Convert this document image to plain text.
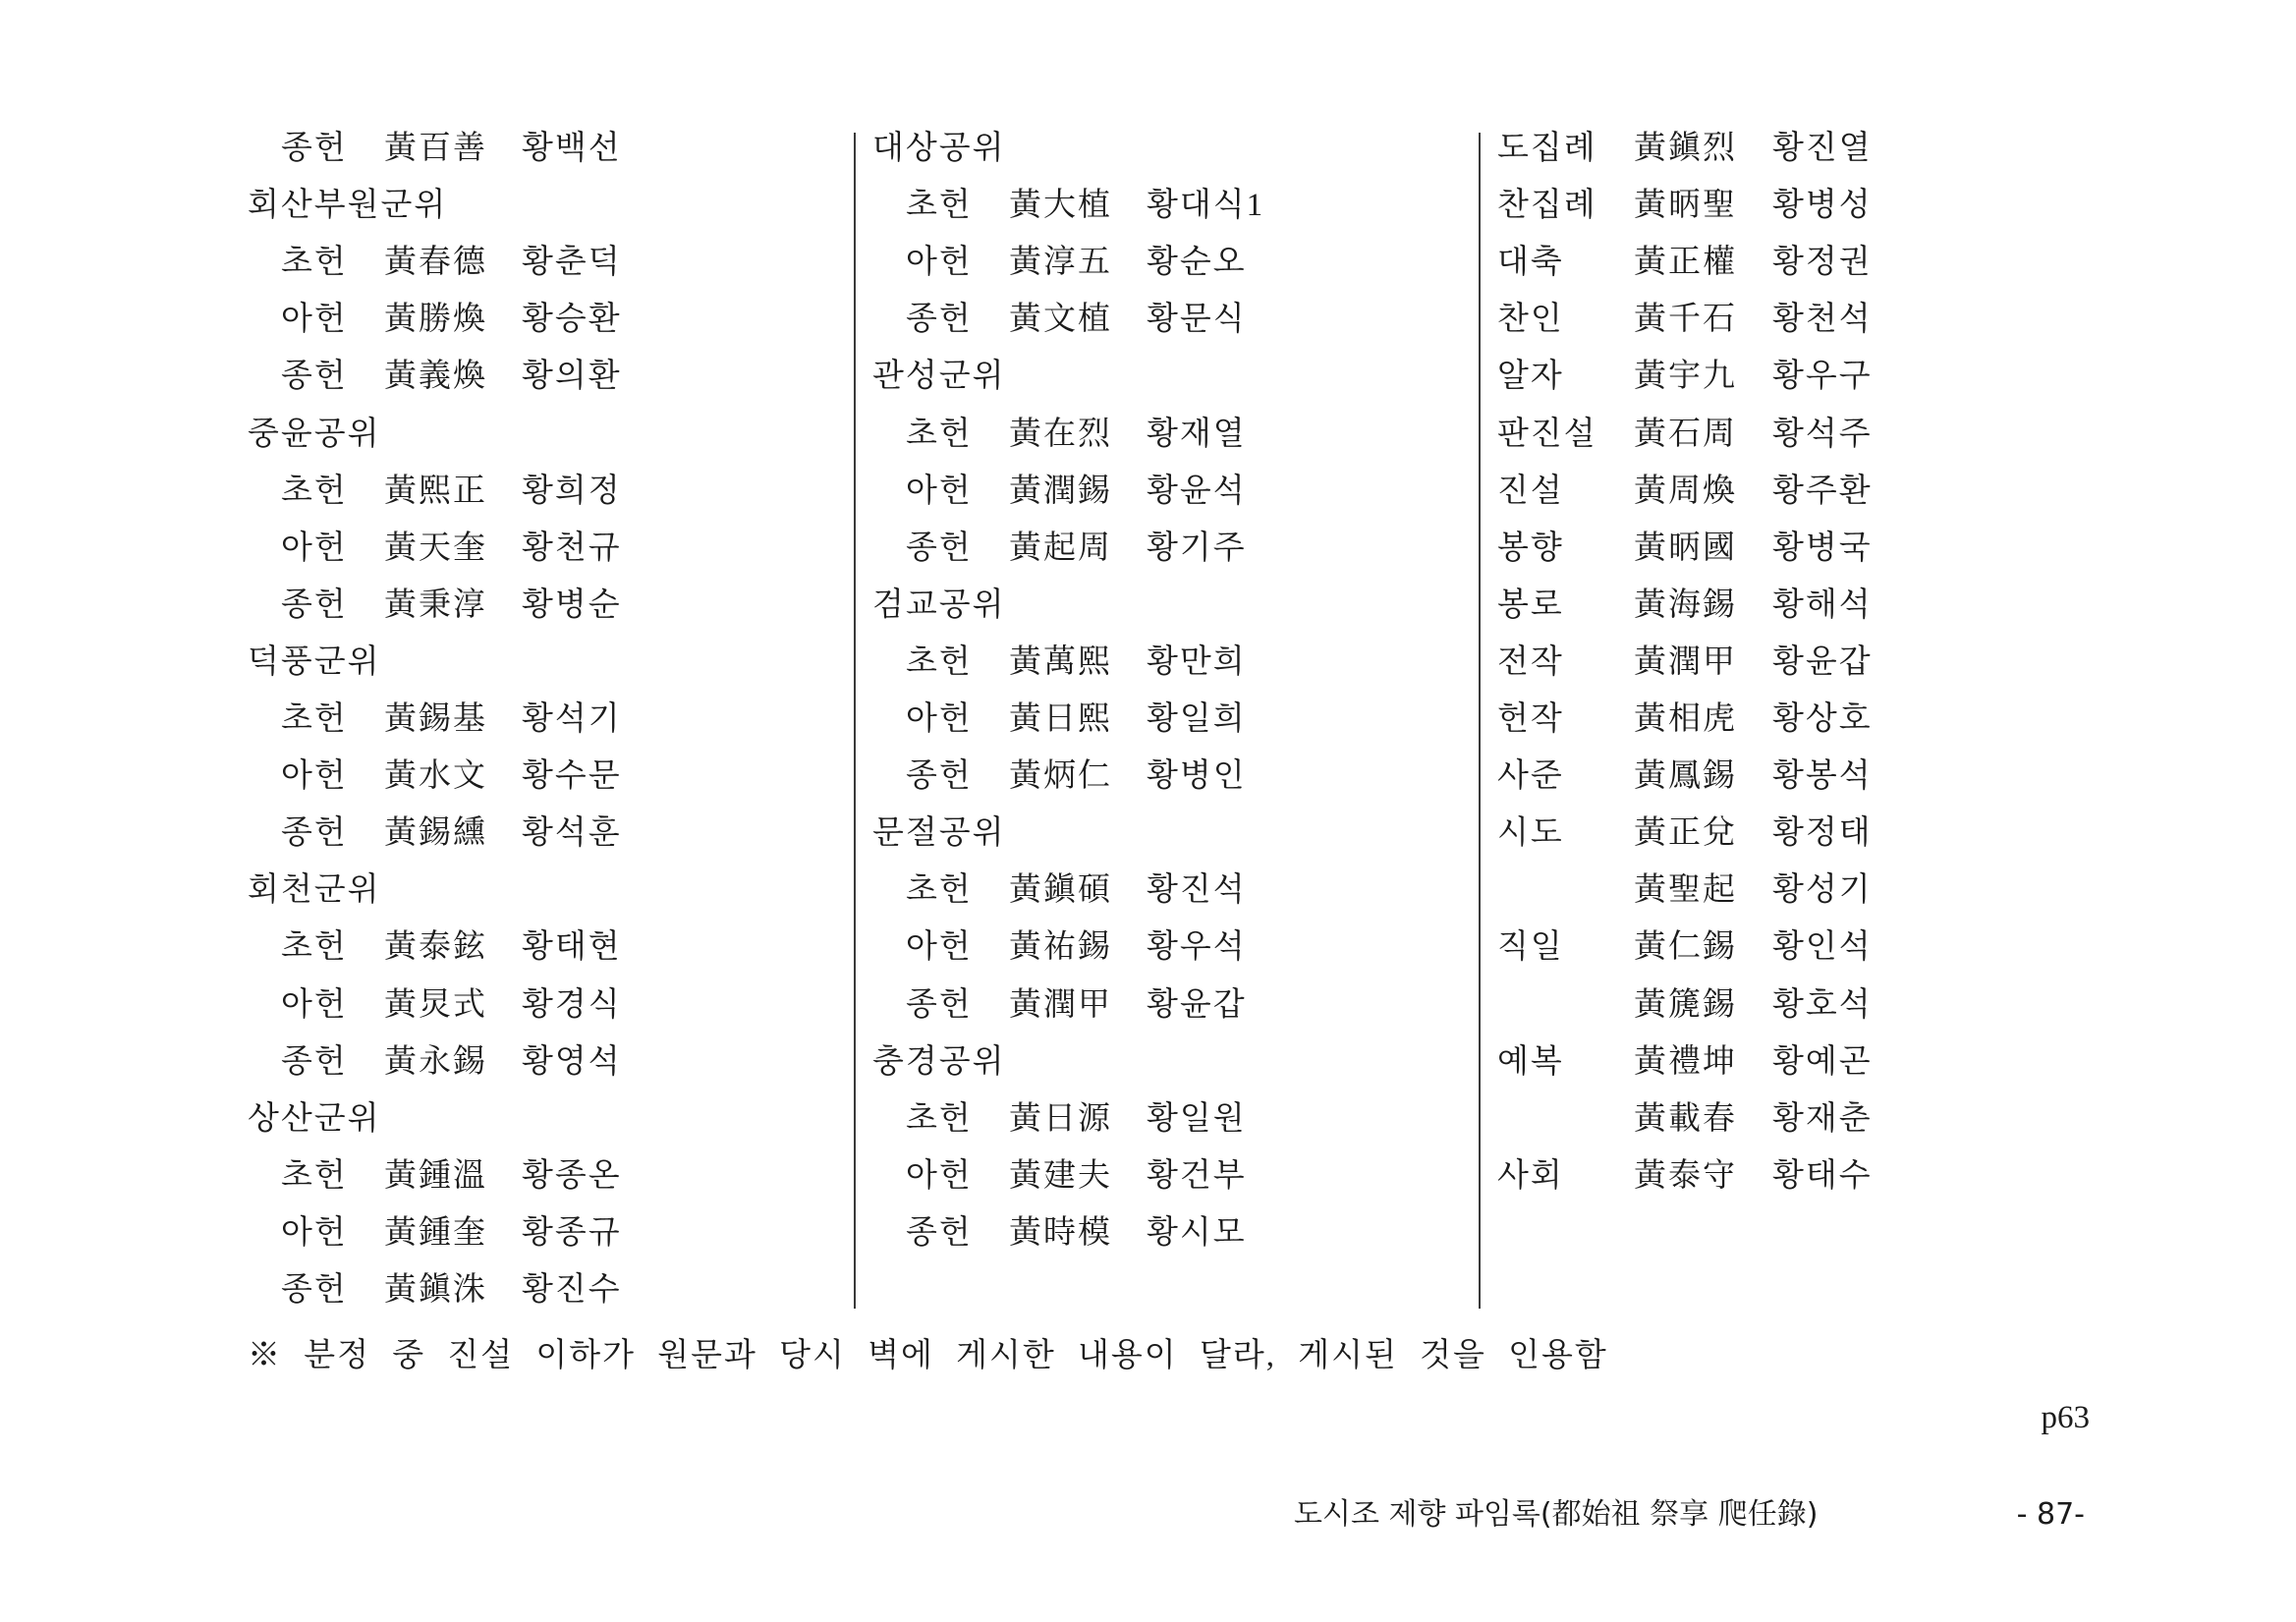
종헌 黃百善 황백선
회산부원군위
초헌 黃春德 황춘덕
아헌 黃勝煥 황승환
종헌 黃義煥 황의환
중윤공위
초헌 黃熙正 황희정
아헌 黃天奎 황천규
종헌 黃秉淳 황병순
덕풍군위
초헌 黃錫基 황석기
아헌 黃水文 황수문
종헌 黃錫纁 황석훈
회천군위
초헌 黃泰鉉 황태현
아헌 黃炅式 황경식
종헌 黃永錫 황영석
상산군위
초헌 黃鍾溫 황종온
아헌 黃鍾奎 황종규
종헌 黃鎭洙 황진수
대상공위
초헌 黃大植 황대식1
아헌 黃淳五 황순오
종헌 黃文植 황문식
관성군위
초헌 黃在烈 황재열
아헌 黃潤錫 황윤석
종헌 黃起周 황기주
검교공위
초헌 黃萬熙 황만희
아헌 黃日熙 황일희
종헌 黃炳仁 황병인
문절공위
초헌 黃鎭碩 황진석
아헌 黃祐錫 황우석
종헌 黃潤甲 황윤갑
충경공위
초헌 黃日源 황일원
아헌 黃建夫 황건부
종헌 黃時模 황시모
도집례 黃鎭烈 황진열
찬집례 黃昞聖 황병성
대축 黃正權 황정권
찬인 黃千石 황천석
알자 黃宇九 황우구
판진설 黃石周 황석주
진설 黃周煥 황주환
봉향 黃昞國 황병국
봉로 黃海錫 황해석
전작 黃潤甲 황윤갑
헌작 黃相虎 황상호
사준 黃鳳錫 황봉석
시도 黃正兌 황정태
黃聖起 황성기
직일 黃仁錫 황인석
黃篪錫 황호석
예복 黃禮坤 황예곤
黃載春 황재춘
사회 黃泰守 황태수
※ 분정 중 진설 이하가 원문과 당시 벽에 게시한 내용이 달라, 게시된 것을 인용함
p63
도시조 제향 파임록(都始祖 祭享 爬任錄)	- 87-
